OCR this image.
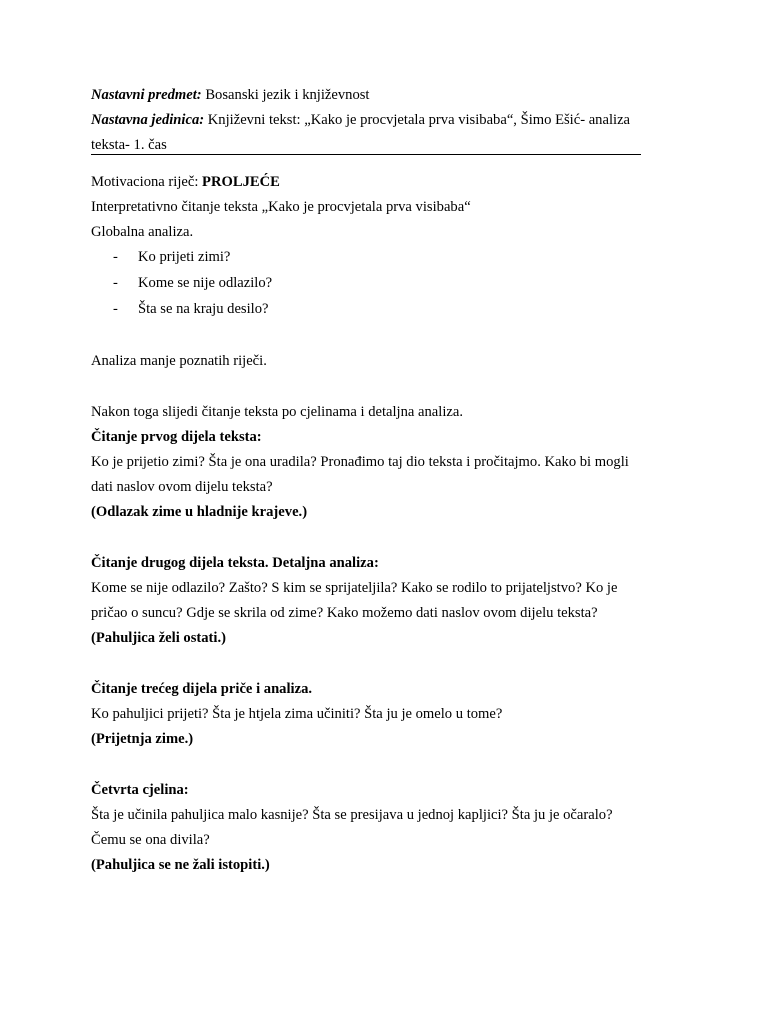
Nastavni predmet: Bosanski jezik i književnost
Nastavna jedinica: Književni tekst: „Kako je procvjetala prva visibaba“, Šimo Ešić- analiza
teksta- 1. čas
Motivaciona riječ: PROLJEĆE
Interpretativno čitanje teksta „Kako je procvjetala prva visibaba“
Globalna analiza.
- Ko prijeti zimi?
- Kome se nije odlazilo?
- Šta se na kraju desilo?
Analiza manje poznatih riječi.
Nakon toga slijedi čitanje teksta po cjelinama i detaljna analiza.
Čitanje prvog dijela teksta:
Ko je prijetio zimi? Šta je ona uradila? Pronađimo taj dio teksta i pročitajmo. Kako bi mogli
dati naslov ovom dijelu teksta?
(Odlazak zime u hladnije krajeve.)
Čitanje drugog dijela teksta. Detaljna analiza:
Kome se nije odlazilo? Zašto? S kim se sprijateljila? Kako se rodilo to prijateljstvo? Ko je
pričao o suncu? Gdje se skrila od zime? Kako možemo dati naslov ovom dijelu teksta?
(Pahuljica želi ostati.)
Čitanje trećeg dijela priče i analiza.
Ko pahuljici prijeti? Šta je htjela zima učiniti? Šta ju je omelo u tome?
(Prijetnja zime.)
Četvrta cjelina:
Šta je učinila pahuljica malo kasnije? Šta se presijava u jednoj kapljici? Šta ju je očaralo?
Čemu se ona divila?
(Pahuljica se ne žali istopiti.)
